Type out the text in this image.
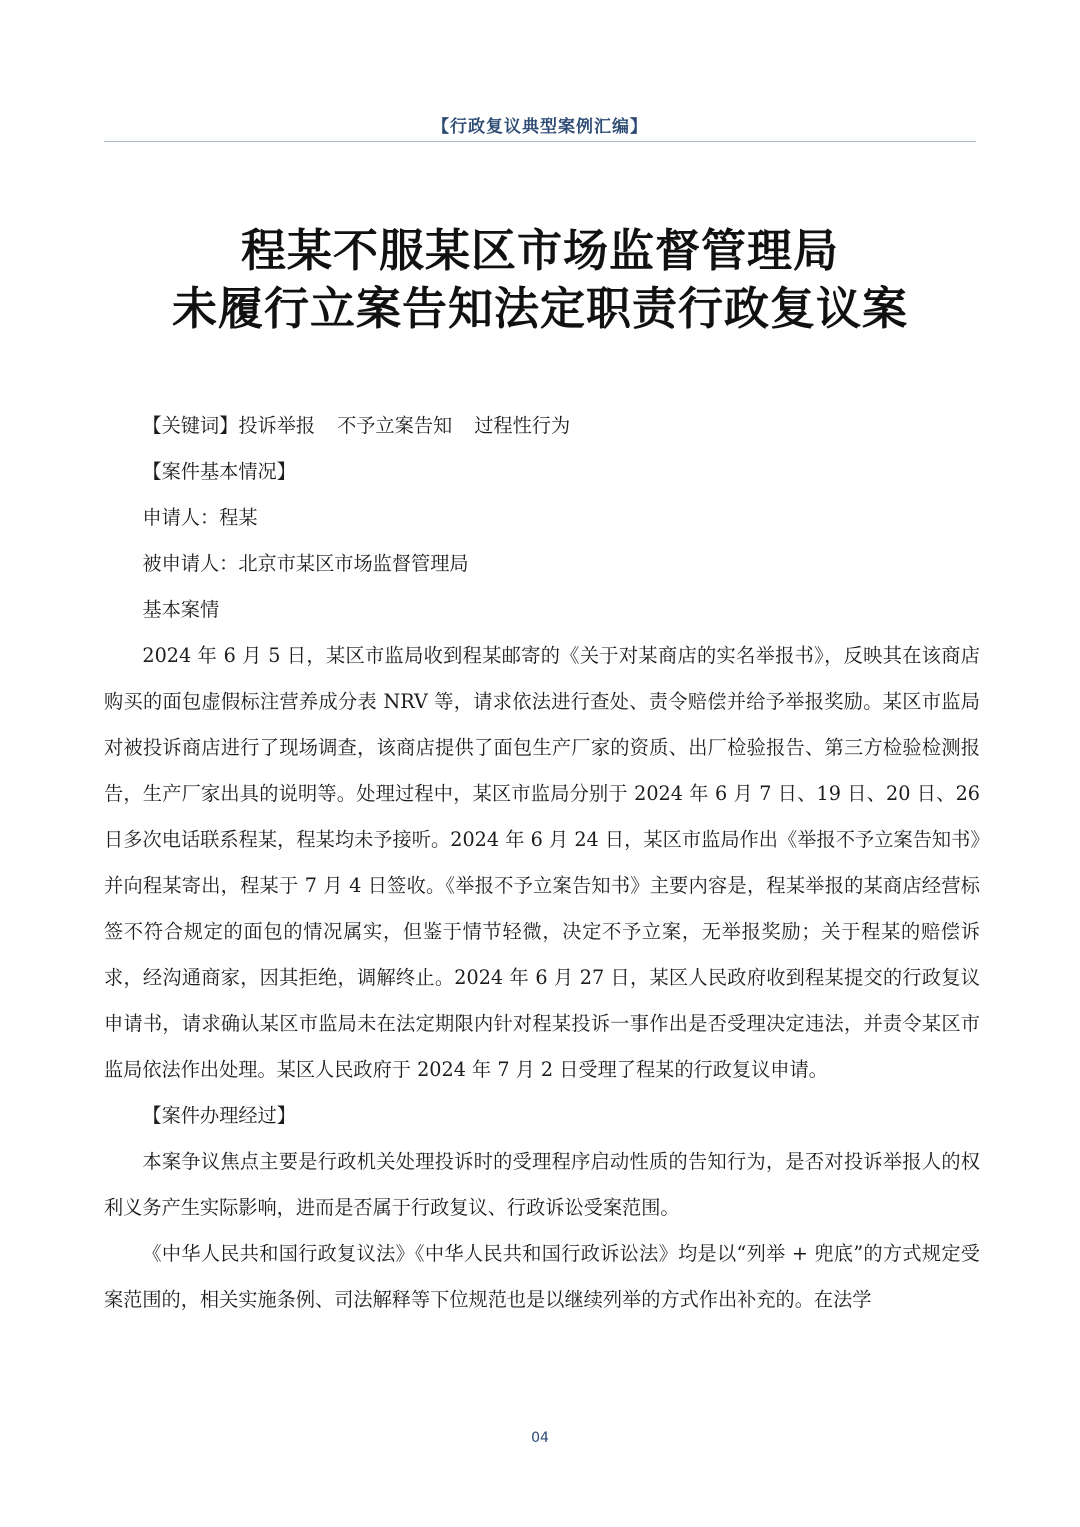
【行政复议典型案例汇编】
程某不服某区市场监督管理局
未履行立案告知法定职责行政复议案

【关键词】投诉举报 不予立案告知 过程性行为

【案件基本情况】

申请人：程某

被申请人：北京市某区市场监督管理局

基本案情

2024 年 6 月 5 日，某区市监局收到程某邮寄的《关于对某商店的实名举报书》，反映其在该商店购买的面包虚假标注营养成分表 NRV 等，请求依法进行查处、责令赔偿并给予举报奖励。某区市监局对被投诉商店进行了现场调查，该商店提供了面包生产厂家的资质、出厂检验报告、第三方检验检测报告，生产厂家出具的说明等。处理过程中，某区市监局分别于 2024 年 6 月 7 日、19 日、20 日、26 日多次电话联系程某，程某均未予接听。2024 年 6 月 24 日，某区市监局作出《举报不予立案告知书》并向程某寄出，程某于 7 月 4 日签收。《举报不予立案告知书》主要内容是，程某举报的某商店经营标签不符合规定的面包的情况属实，但鉴于情节轻微，决定不予立案，无举报奖励；关于程某的赔偿诉求，经沟通商家，因其拒绝，调解终止。2024 年 6 月 27 日，某区人民政府收到程某提交的行政复议申请书，请求确认某区市监局未在法定期限内针对程某投诉一事作出是否受理决定违法，并责令某区市监局依法作出处理。某区人民政府于 2024 年 7 月 2 日受理了程某的行政复议申请。

【案件办理经过】

本案争议焦点主要是行政机关处理投诉时的受理程序启动性质的告知行为，是否对投诉举报人的权利义务产生实际影响，进而是否属于行政复议、行政诉讼受案范围。

《中华人民共和国行政复议法》《中华人民共和国行政诉讼法》均是以“列举 + 兜底”的方式规定受案范围的，相关实施条例、司法解释等下位规范也是以继续列举的方式作出补充的。在法学

04
